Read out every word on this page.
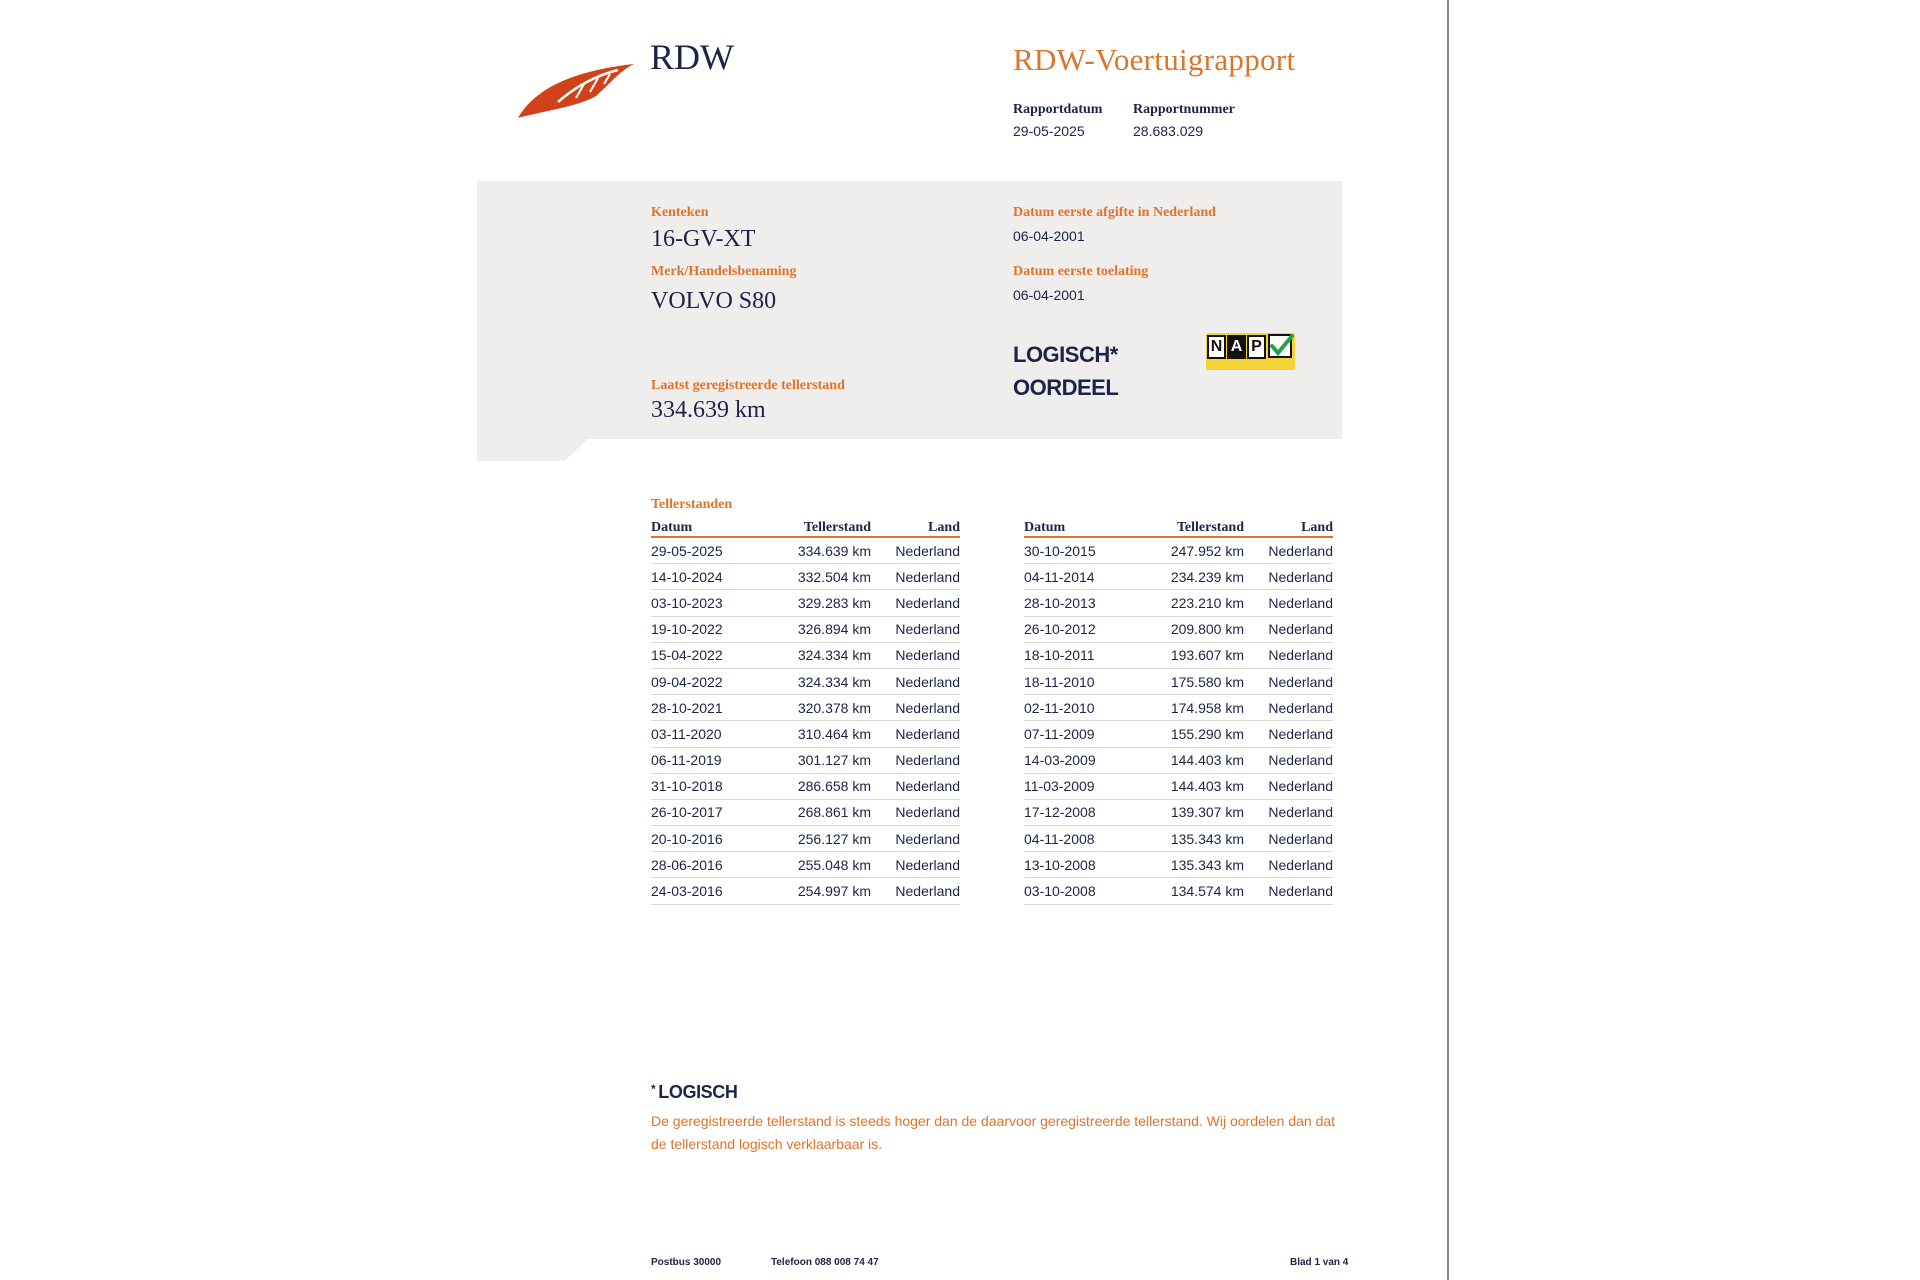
RDW	RDW-Voertuigrapport
Rapportdatum
29-05-2025
Rapportnummer
28.683.029
Kenteken
16-GV-XT
Merk/Handelsbenaming
VOLVO S80
Laatst geregistreerde tellerstand
334.639 km
Datum eerste afgifte in Nederland
06-04-2001
Datum eerste toelating
06-04-2001
LOGISCH*
OORDEEL
N A P
Tellerstanden
Datum	Tellerstand	Land
29-05-2025	334.639 km	Nederland
14-10-2024	332.504 km	Nederland
03-10-2023	329.283 km	Nederland
19-10-2022	326.894 km	Nederland
15-04-2022	324.334 km	Nederland
09-04-2022	324.334 km	Nederland
28-10-2021	320.378 km	Nederland
03-11-2020	310.464 km	Nederland
06-11-2019	301.127 km	Nederland
31-10-2018	286.658 km	Nederland
26-10-2017	268.861 km	Nederland
20-10-2016	256.127 km	Nederland
28-06-2016	255.048 km	Nederland
24-03-2016	254.997 km	Nederland
Datum	Tellerstand	Land
30-10-2015	247.952 km	Nederland
04-11-2014	234.239 km	Nederland
28-10-2013	223.210 km	Nederland
26-10-2012	209.800 km	Nederland
18-10-2011	193.607 km	Nederland
18-11-2010	175.580 km	Nederland
02-11-2010	174.958 km	Nederland
07-11-2009	155.290 km	Nederland
14-03-2009	144.403 km	Nederland
11-03-2009	144.403 km	Nederland
17-12-2008	139.307 km	Nederland
04-11-2008	135.343 km	Nederland
13-10-2008	135.343 km	Nederland
03-10-2008	134.574 km	Nederland
* LOGISCH
De geregistreerde tellerstand is steeds hoger dan de daarvoor geregistreerde tellerstand. Wij oordelen dan dat de tellerstand logisch verklaarbaar is.
Postbus 30000	Telefoon 088 008 74 47	Blad 1 van 4
